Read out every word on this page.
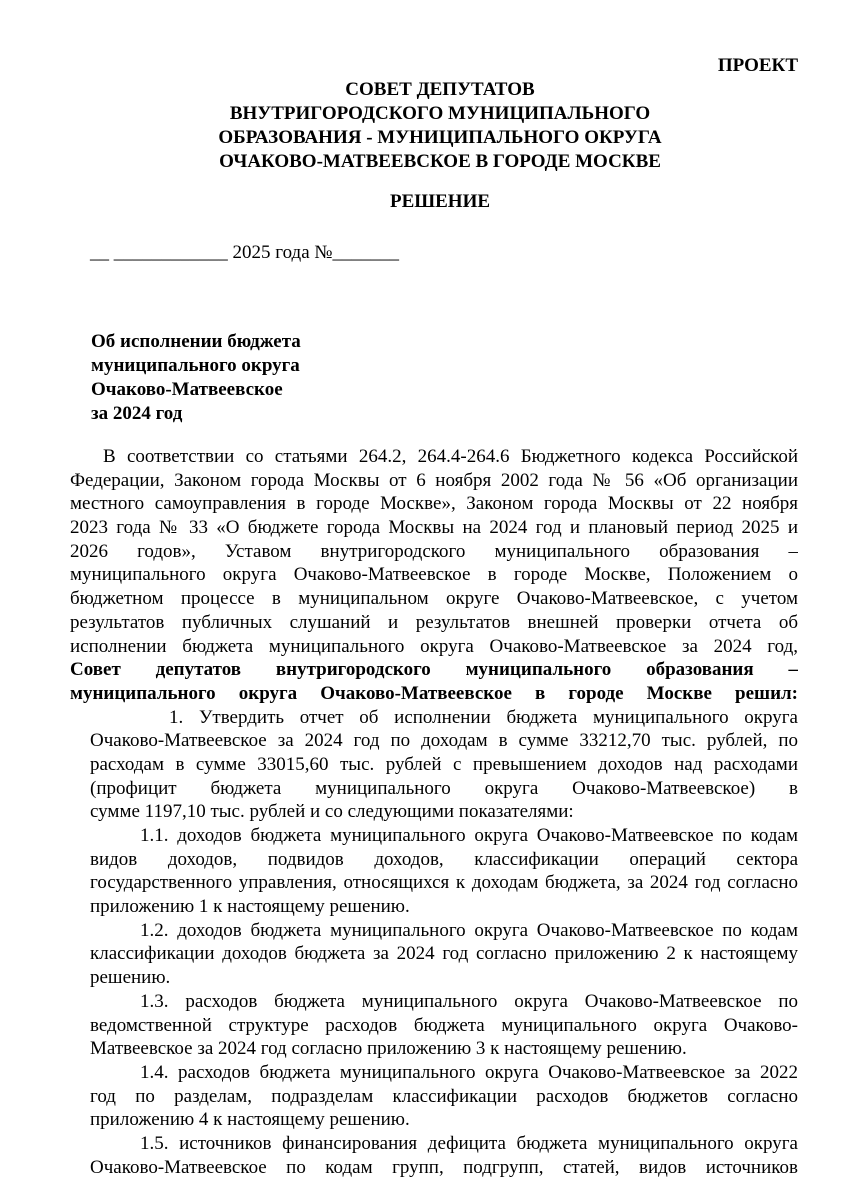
ПРОЕКТ
СОВЕТ ДЕПУТАТОВ
ВНУТРИГОРОДСКОГО МУНИЦИПАЛЬНОГО
ОБРАЗОВАНИЯ - МУНИЦИПАЛЬНОГО ОКРУГА
ОЧАКОВО-МАТВЕЕВСКОЕ В ГОРОДЕ МОСКВЕ
РЕШЕНИЕ
__ ____________ 2025 года №_______
Об исполнении бюджета
муниципального округа
Очаково-Матвеевское
за 2024 год
В соответствии со статьями 264.2, 264.4-264.6 Бюджетного кодекса Российской
Федерации, Законом города Москвы от 6 ноября 2002 года № 56 «Об организации
местного самоуправления в городе Москве», Законом города Москвы от 22 ноября
2023 года № 33 «О бюджете города Москвы на 2024 год и плановый период 2025 и
2026 годов», Уставом внутригородского муниципального образования –
муниципального округа Очаково-Матвеевское в городе Москве, Положением о
бюджетном процессе в муниципальном округе Очаково-Матвеевское, с учетом
результатов публичных слушаний и результатов внешней проверки отчета об
исполнении бюджета муниципального округа Очаково-Матвеевское за 2024 год,
Совет депутатов внутригородского муниципального образования –
муниципального округа Очаково-Матвеевское в городе Москве решил:
1. Утвердить отчет об исполнении бюджета муниципального округа
Очаково-Матвеевское за 2024 год по доходам в сумме 33212,70 тыс. рублей, по
расходам в сумме 33015,60 тыс. рублей с превышением доходов над расходами
(профицит бюджета муниципального округа Очаково-Матвеевское) в
сумме 1197,10 тыс. рублей и со следующими показателями:
1.1. доходов бюджета муниципального округа Очаково-Матвеевское по кодам
видов доходов, подвидов доходов, классификации операций сектора
государственного управления, относящихся к доходам бюджета, за 2024 год согласно
приложению 1 к настоящему решению.
1.2. доходов бюджета муниципального округа Очаково-Матвеевское по кодам
классификации доходов бюджета за 2024 год согласно приложению 2 к настоящему
решению.
1.3. расходов бюджета муниципального округа Очаково-Матвеевское по
ведомственной структуре расходов бюджета муниципального округа Очаково-
Матвеевское за 2024 год согласно приложению 3 к настоящему решению.
1.4. расходов бюджета муниципального округа Очаково-Матвеевское за 2022
год по разделам, подразделам классификации расходов бюджетов согласно
приложению 4 к настоящему решению.
1.5. источников финансирования дефицита бюджета муниципального округа
Очаково-Матвеевское по кодам групп, подгрупп, статей, видов источников
